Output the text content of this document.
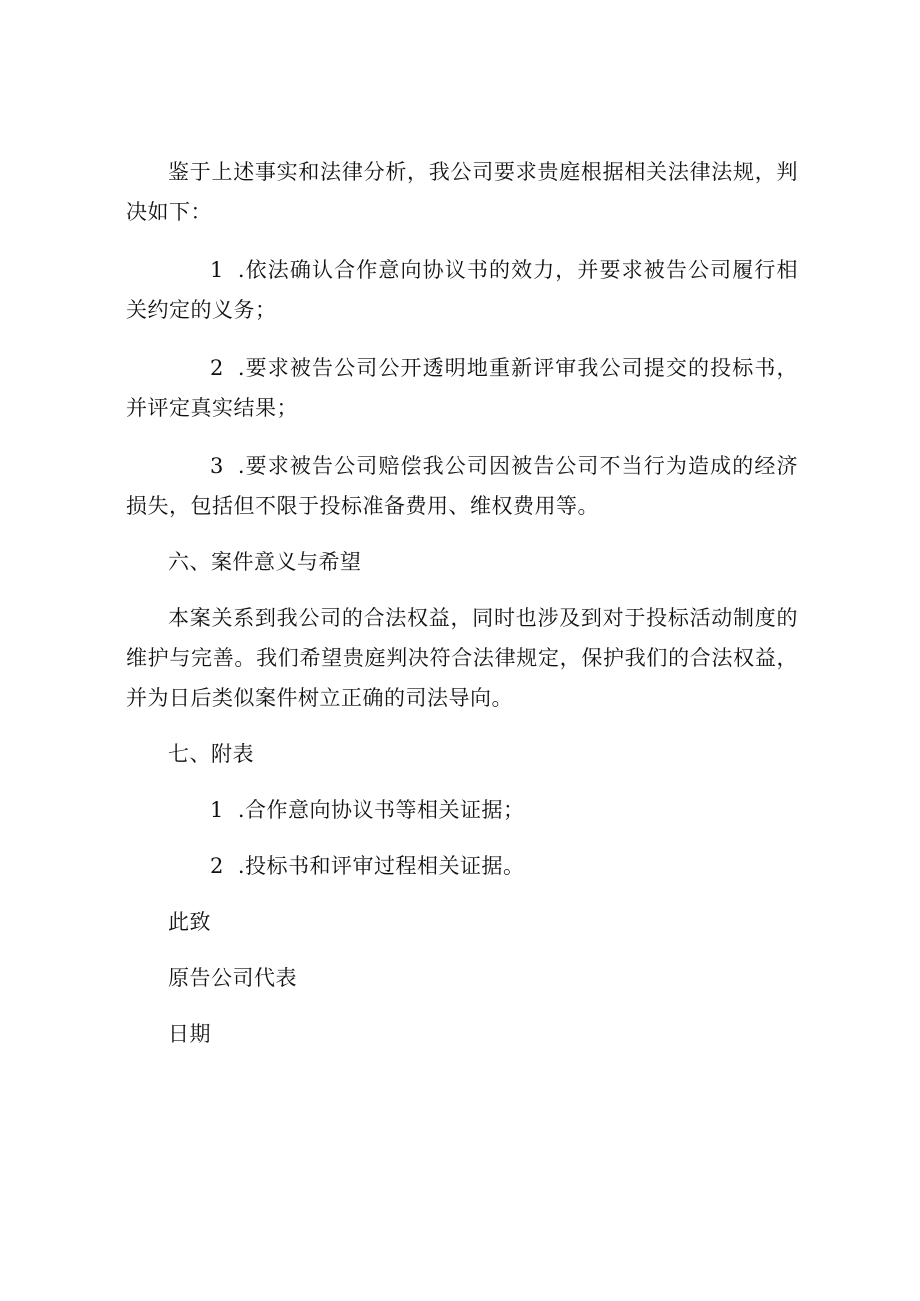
鉴于上述事实和法律分析，我公司要求贵庭根据相关法律法规，判决如下：

1 .依法确认合作意向协议书的效力，并要求被告公司履行相关约定的义务；

2 .要求被告公司公开透明地重新评审我公司提交的投标书，并评定真实结果；

3 .要求被告公司赔偿我公司因被告公司不当行为造成的经济损失，包括但不限于投标准备费用、维权费用等。

六、案件意义与希望

本案关系到我公司的合法权益，同时也涉及到对于投标活动制度的维护与完善。我们希望贵庭判决符合法律规定，保护我们的合法权益，并为日后类似案件树立正确的司法导向。

七、附表

1 .合作意向协议书等相关证据；

2 .投标书和评审过程相关证据。

此致

原告公司代表

日期
